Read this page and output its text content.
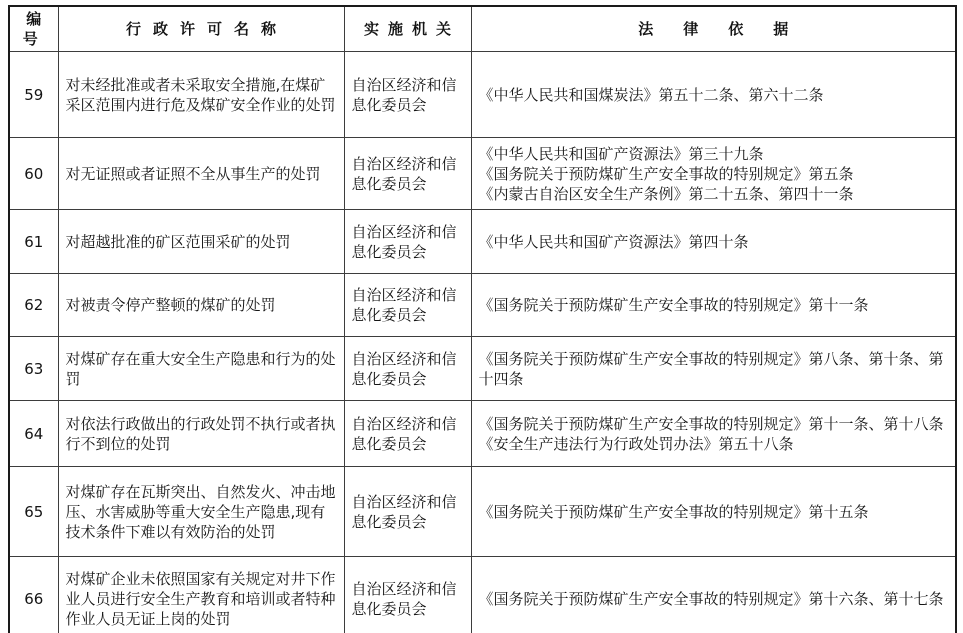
编号	行政许可名称	实施机关	法律依据
59	对未经批准或者未采取安全措施,在煤矿采区范围内进行危及煤矿安全作业的处罚	自治区经济和信息化委员会	《中华人民共和国煤炭法》第五十二条、第六十二条

60	对无证照或者证照不全从事生产的处罚	自治区经济和信息化委员会	《中华人民共和国矿产资源法》第三十九条
《国务院关于预防煤矿生产安全事故的特别规定》第五条
《内蒙古自治区安全生产条例》第二十五条、第四十一条

61	对超越批准的矿区范围采矿的处罚	自治区经济和信息化委员会	《中华人民共和国矿产资源法》第四十条

62	对被责令停产整顿的煤矿的处罚	自治区经济和信息化委员会	《国务院关于预防煤矿生产安全事故的特别规定》第十一条

63	对煤矿存在重大安全生产隐患和行为的处罚	自治区经济和信息化委员会	《国务院关于预防煤矿生产安全事故的特别规定》第八条、第十条、第十四条

64	对依法行政做出的行政处罚不执行或者执行不到位的处罚	自治区经济和信息化委员会	《国务院关于预防煤矿生产安全事故的特别规定》第十一条、第十八条
《安全生产违法行为行政处罚办法》第五十八条

65	对煤矿存在瓦斯突出、自然发火、冲击地压、水害威胁等重大安全生产隐患,现有技术条件下难以有效防治的处罚	自治区经济和信息化委员会	《国务院关于预防煤矿生产安全事故的特别规定》第十五条

66	对煤矿企业未依照国家有关规定对井下作业人员进行安全生产教育和培训或者特种作业人员无证上岗的处罚	自治区经济和信息化委员会	《国务院关于预防煤矿生产安全事故的特别规定》第十六条、第十七条
